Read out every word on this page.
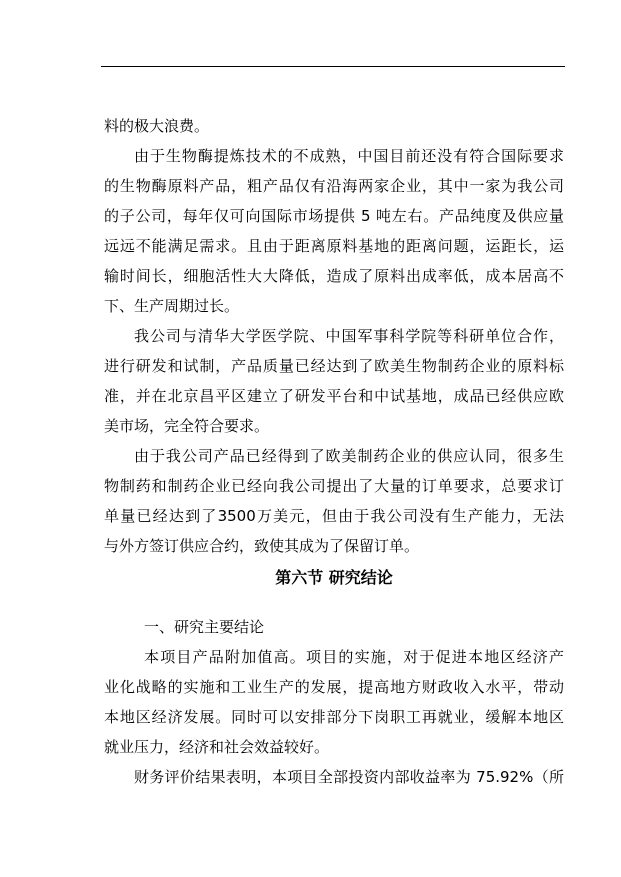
料的极大浪费。
由于生物酶提炼技术的不成熟，中国目前还没有符合国际要求
的生物酶原料产品，粗产品仅有沿海两家企业，其中一家为我公司
的子公司，每年仅可向国际市场提供 5 吨左右。产品纯度及供应量
远远不能满足需求。且由于距离原料基地的距离问题，运距长，运
输时间长，细胞活性大大降低，造成了原料出成率低，成本居高不
下、生产周期过长。
我公司与清华大学医学院、中国军事科学院等科研单位合作，
进行研发和试制，产品质量已经达到了欧美生物制药企业的原料标
准，并在北京昌平区建立了研发平台和中试基地，成品已经供应欧
美市场，完全符合要求。
由于我公司产品已经得到了欧美制药企业的供应认同，很多生
物制药和制药企业已经向我公司提出了大量的订单要求，总要求订
单量已经达到了3500万美元，但由于我公司没有生产能力，无法
与外方签订供应合约，致使其成为了保留订单。
第六节 研究结论
一、研究主要结论
本项目产品附加值高。项目的实施，对于促进本地区经济产
业化战略的实施和工业生产的发展，提高地方财政收入水平，带动
本地区经济发展。同时可以安排部分下岗职工再就业，缓解本地区
就业压力，经济和社会效益较好。
财务评价结果表明，本项目全部投资内部收益率为 75.92%（所
